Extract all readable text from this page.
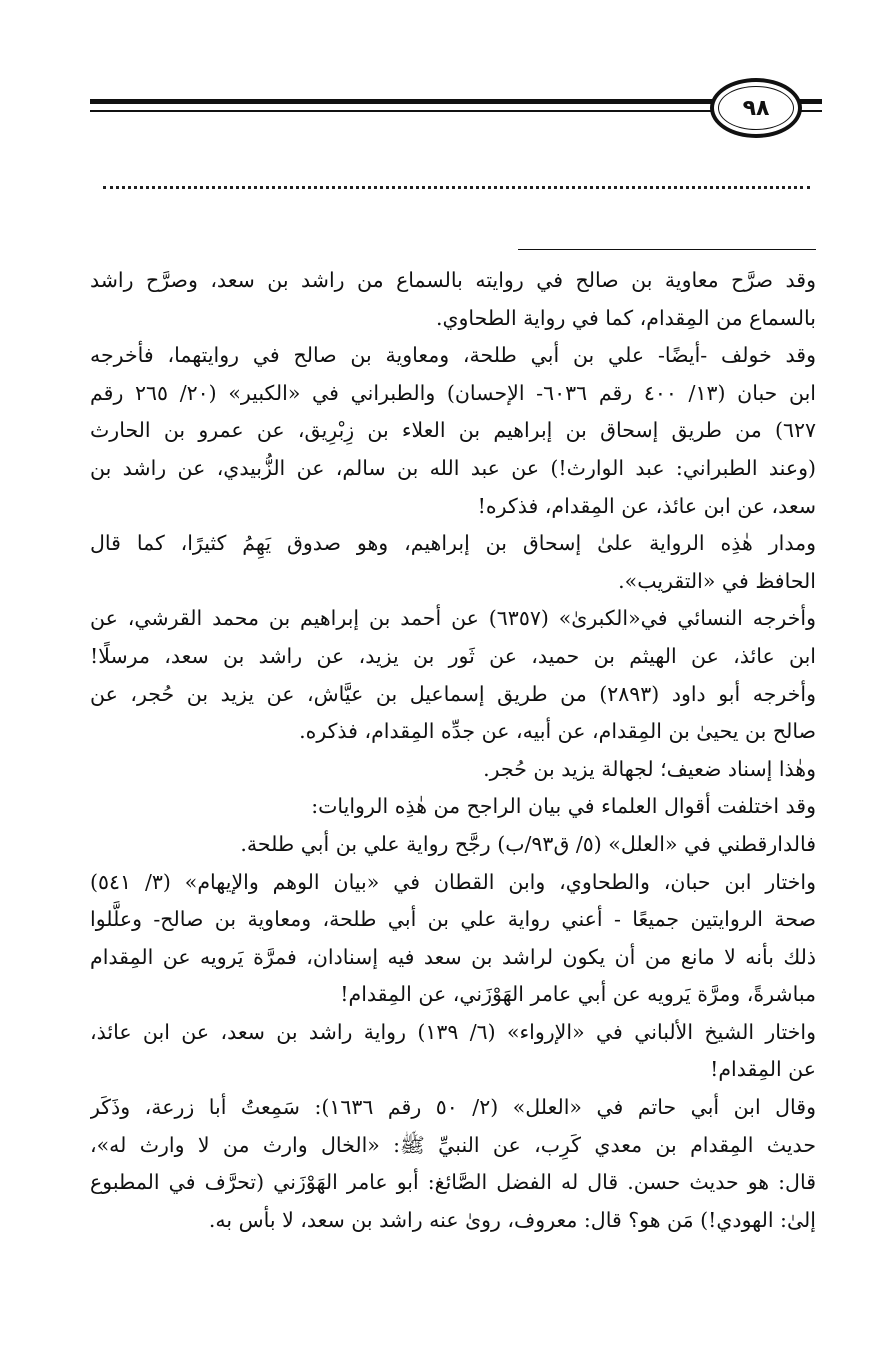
٩٨
وقد صرَّح معاوية بن صالح في روايته بالسماع من راشد بن سعد، وصرَّح راشد
بالسماع من المِقدام، كما في رواية الطحاوي.
وقد خولف -أيضًا- علي بن أبي طلحة، ومعاوية بن صالح في روايتهما، فأخرجه
ابن حبان (١٣/ ٤٠٠ رقم ٦٠٣٦- الإحسان) والطبراني في «الكبير» (٢٠/ ٢٦٥ رقم
٦٢٧) من طريق إسحاق بن إبراهيم بن العلاء بن زِبْرِيق، عن عمرو بن الحارث
(وعند الطبراني: عبد الوارث!) عن عبد الله بن سالم، عن الزُّبيدي، عن راشد بن
سعد، عن ابن عائذ، عن المِقدام، فذكره!
ومدار هٰذِه الرواية علىٰ إسحاق بن إبراهيم، وهو صدوق يَهِمُ كثيرًا، كما قال
الحافظ في «التقريب».
وأخرجه النسائي في«الكبرىٰ» (٦٣٥٧) عن أحمد بن إبراهيم بن محمد القرشي، عن
ابن عائذ، عن الهيثم بن حميد، عن ثَور بن يزيد، عن راشد بن سعد، مرسلًا!
وأخرجه أبو داود (٢٨٩٣) من طريق إسماعيل بن عيَّاش، عن يزيد بن حُجر، عن
صالح بن يحيىٰ بن المِقدام، عن أبيه، عن جدِّه المِقدام، فذكره.
وهٰذا إسناد ضعيف؛ لجهالة يزيد بن حُجر.
وقد اختلفت أقوال العلماء في بيان الراجح من هٰذِه الروايات:
فالدارقطني في «العلل» (٥/ ق٩٣/ب) رجَّح رواية علي بن أبي طلحة.
واختار ابن حبان، والطحاوي، وابن القطان في «بيان الوهم والإيهام» (٣/ ٥٤١)
صحة الروايتين جميعًا - أعني رواية علي بن أبي طلحة، ومعاوية بن صالح- وعلَّلوا
ذلك بأنه لا مانع من أن يكون لراشد بن سعد فيه إسنادان، فمرَّة يَرويه عن المِقدام
مباشرةً، ومرَّة يَرويه عن أبي عامر الهَوْزَني، عن المِقدام!
واختار الشيخ الألباني في «الإرواء» (٦/ ١٣٩) رواية راشد بن سعد، عن ابن عائذ،
عن المِقدام!
وقال ابن أبي حاتم في «العلل» (٢/ ٥٠ رقم ١٦٣٦): سَمِعتُ أبا زرعة، وذَكَر
حديث المِقدام بن معدي كَرِب، عن النبيِّ ﷺ: «الخال وارث من لا وارث له»،
قال: هو حديث حسن. قال له الفضل الصَّائغ: أبو عامر الهَوْزَني (تحرَّف في المطبوع
إلىٰ: الهودي!) مَن هو؟ قال: معروف، روىٰ عنه راشد بن سعد، لا بأس به.
